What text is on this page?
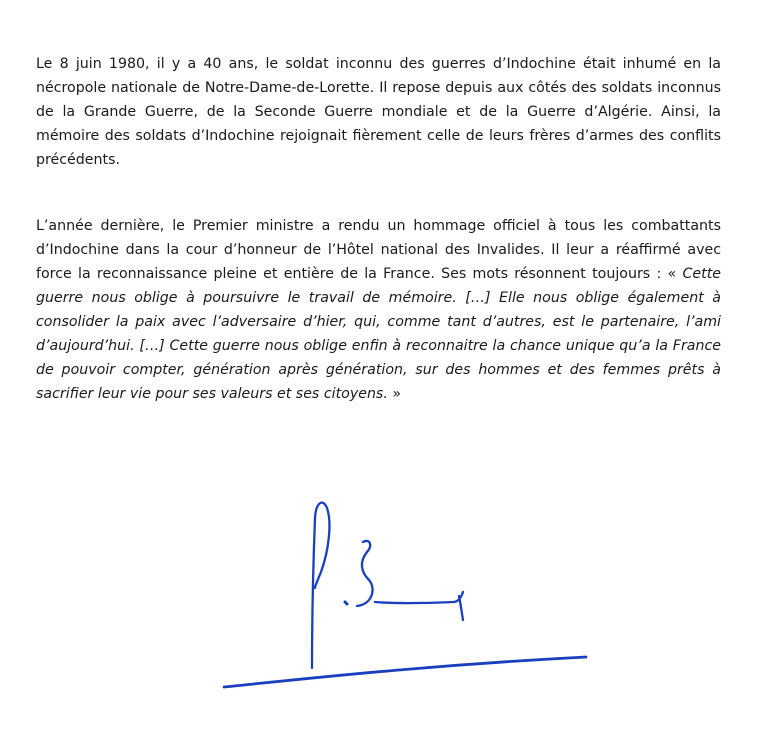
Le 8 juin 1980, il y a 40 ans, le soldat inconnu des guerres d’Indochine était inhumé en la nécropole nationale de Notre-Dame-de-Lorette. Il repose depuis aux côtés des soldats inconnus de la Grande Guerre, de la Seconde Guerre mondiale et de la Guerre d’Algérie. Ainsi, la mémoire des soldats d’Indochine rejoignait fièrement celle de leurs frères d’armes des conflits précédents.

L’année dernière, le Premier ministre a rendu un hommage officiel à tous les combattants d’Indochine dans la cour d’honneur de l’Hôtel national des Invalides. Il leur a réaffirmé avec force la reconnaissance pleine et entière de la France. Ses mots résonnent toujours : « Cette guerre nous oblige à poursuivre le travail de mémoire. […] Elle nous oblige également à consolider la paix avec l’adversaire d’hier, qui, comme tant d’autres, est le partenaire, l’ami d’aujourd’hui. […] Cette guerre nous oblige enfin à reconnaitre la chance unique qu’a la France de pouvoir compter, génération après génération, sur des hommes et des femmes prêts à sacrifier leur vie pour ses valeurs et ses citoyens. »
